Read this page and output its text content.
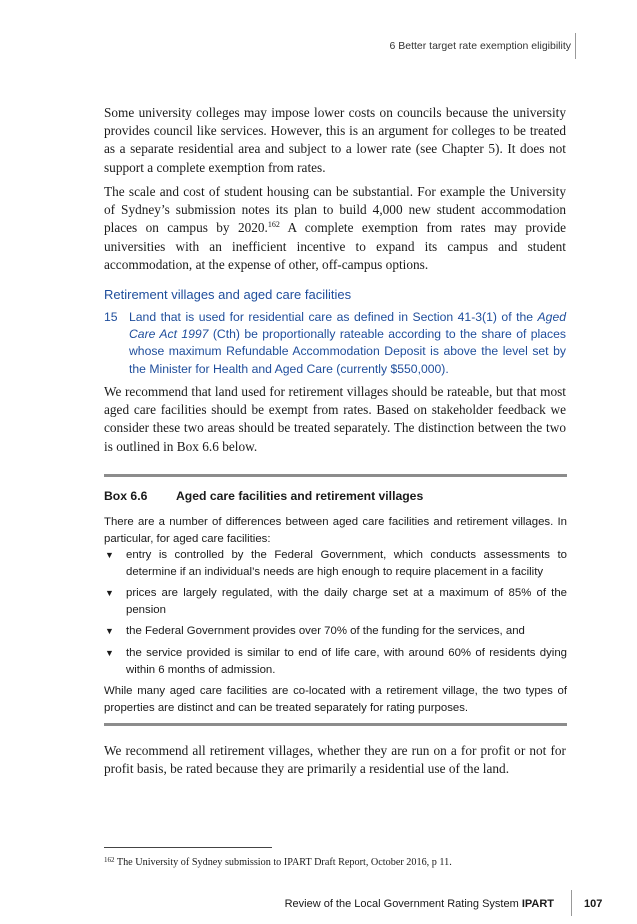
6 Better target rate exemption eligibility

Some university colleges may impose lower costs on councils because the university provides council like services. However, this is an argument for colleges to be treated as a separate residential area and subject to a lower rate (see Chapter 5). It does not support a complete exemption from rates.

The scale and cost of student housing can be substantial. For example the University of Sydney’s submission notes its plan to build 4,000 new student accommodation places on campus by 2020.$^{162}$ A complete exemption from rates may provide universities with an inefficient incentive to expand its campus and student accommodation, at the expense of other, off-campus options.

Retirement villages and aged care facilities
15 Land that is used for residential care as defined in Section 41-3(1) of the Aged Care Act 1997 (Cth) be proportionally rateable according to the share of places whose maximum Refundable Accommodation Deposit is above the level set by the Minister for Health and Aged Care (currently $550,000).

We recommend that land used for retirement villages should be rateable, but that most aged care facilities should be exempt from rates. Based on stakeholder feedback we consider these two areas should be treated separately. The distinction between the two is outlined in Box 6.6 below.

Box 6.6 Aged care facilities and retirement villages

There are a number of differences between aged care facilities and retirement villages. In particular, for aged care facilities:

▼ entry is controlled by the Federal Government, which conducts assessments to determine if an individual’s needs are high enough to require placement in a facility
▼ prices are largely regulated, with the daily charge set at a maximum of 85% of the pension
▼ the Federal Government provides over 70% of the funding for the services, and
▼ the service provided is similar to end of life care, with around 60% of residents dying within 6 months of admission.

While many aged care facilities are co-located with a retirement village, the two types of properties are distinct and can be treated separately for rating purposes.

We recommend all retirement villages, whether they are run on a for profit or not for profit basis, be rated because they are primarily a residential use of the land.

$^{162}$ The University of Sydney submission to IPART Draft Report, October 2016, p 11.
Review of the Local Government Rating System IPART	107
